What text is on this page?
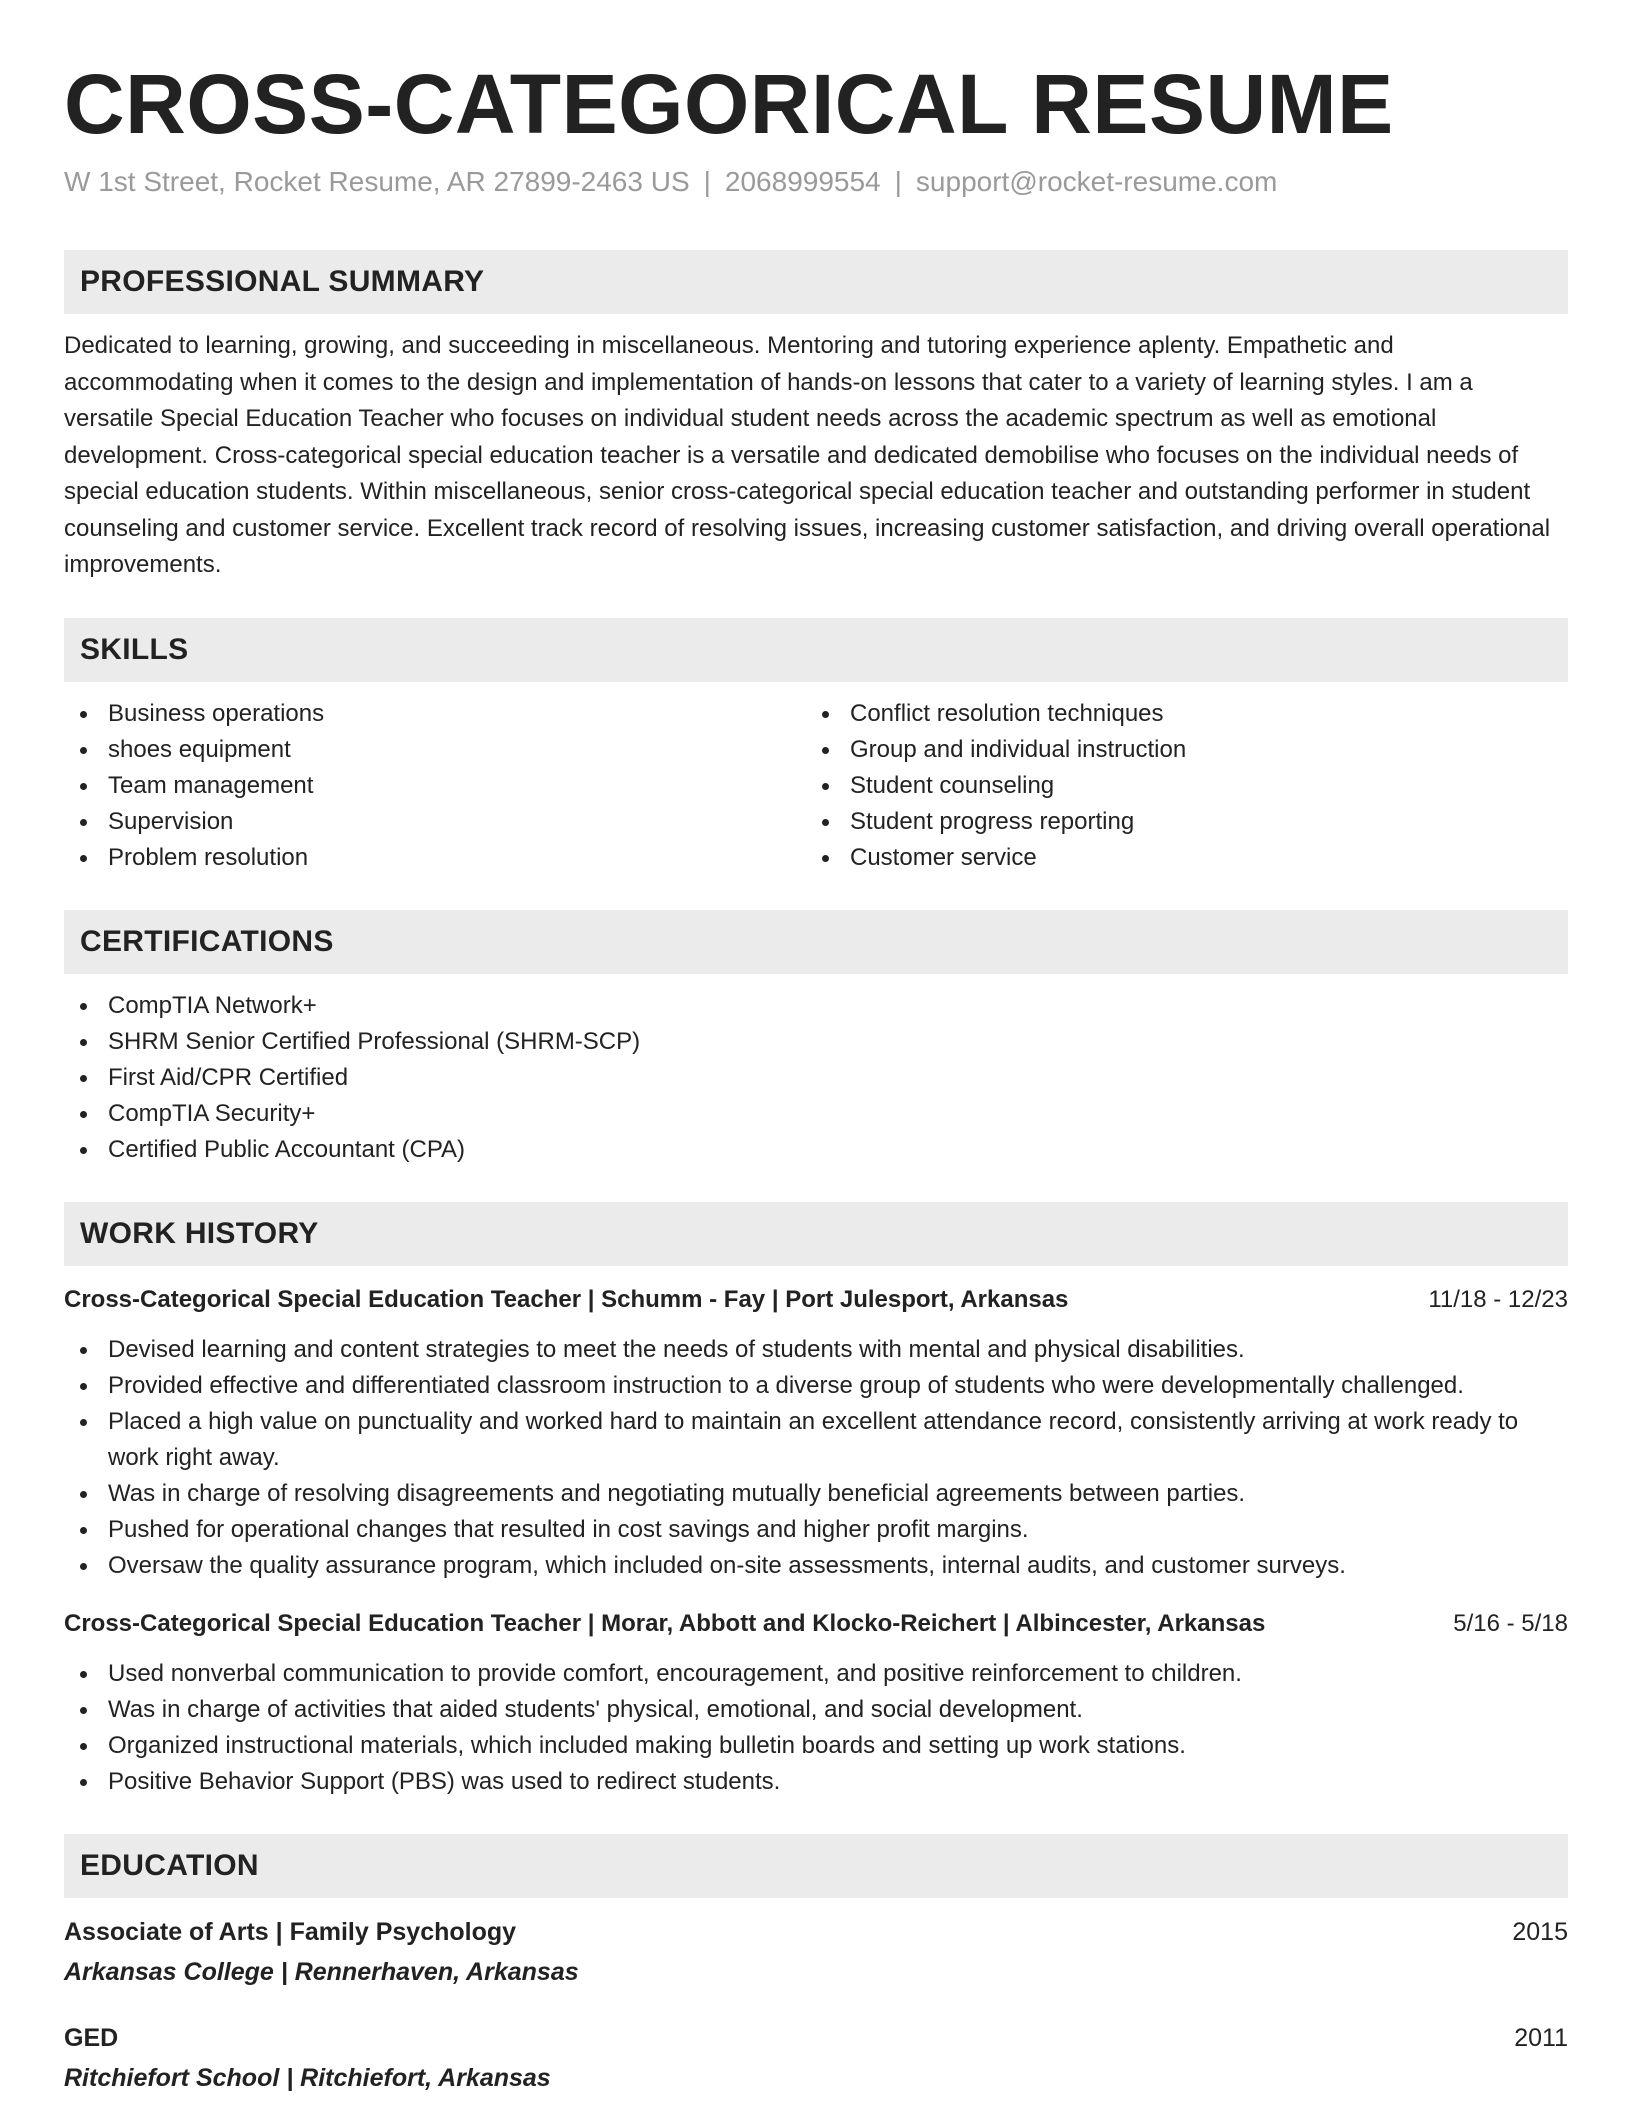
CROSS-CATEGORICAL RESUME
W 1st Street, Rocket Resume, AR 27899-2463 US | 2068999554 | support@rocket-resume.com
PROFESSIONAL SUMMARY

Dedicated to learning, growing, and succeeding in miscellaneous. Mentoring and tutoring experience aplenty. Empathetic and accommodating when it comes to the design and implementation of hands-on lessons that cater to a variety of learning styles. I am a versatile Special Education Teacher who focuses on individual student needs across the academic spectrum as well as emotional development. Cross-categorical special education teacher is a versatile and dedicated demobilise who focuses on the individual needs of special education students. Within miscellaneous, senior cross-categorical special education teacher and outstanding performer in student counseling and customer service. Excellent track record of resolving issues, increasing customer satisfaction, and driving overall operational improvements.

SKILLS
Business operations
shoes equipment
Team management
Supervision
Problem resolution
Conflict resolution techniques
Group and individual instruction
Student counseling
Student progress reporting
Customer service
CERTIFICATIONS
CompTIA Network+
SHRM Senior Certified Professional (SHRM-SCP)
First Aid/CPR Certified
CompTIA Security+
Certified Public Accountant (CPA)
WORK HISTORY
Cross-Categorical Special Education Teacher | Schumm - Fay | Port Julesport, Arkansas	11/18 - 12/23
Devised learning and content strategies to meet the needs of students with mental and physical disabilities.
Provided effective and differentiated classroom instruction to a diverse group of students who were developmentally challenged.
Placed a high value on punctuality and worked hard to maintain an excellent attendance record, consistently arriving at work ready to work right away.
Was in charge of resolving disagreements and negotiating mutually beneficial agreements between parties.
Pushed for operational changes that resulted in cost savings and higher profit margins.
Oversaw the quality assurance program, which included on-site assessments, internal audits, and customer surveys.
Cross-Categorical Special Education Teacher | Morar, Abbott and Klocko-Reichert | Albincester, Arkansas	5/16 - 5/18
Used nonverbal communication to provide comfort, encouragement, and positive reinforcement to children.
Was in charge of activities that aided students' physical, emotional, and social development.
Organized instructional materials, which included making bulletin boards and setting up work stations.
Positive Behavior Support (PBS) was used to redirect students.
EDUCATION
Associate of Arts | Family Psychology	2015
Arkansas College | Rennerhaven, Arkansas
GED	2011
Ritchiefort School | Ritchiefort, Arkansas
